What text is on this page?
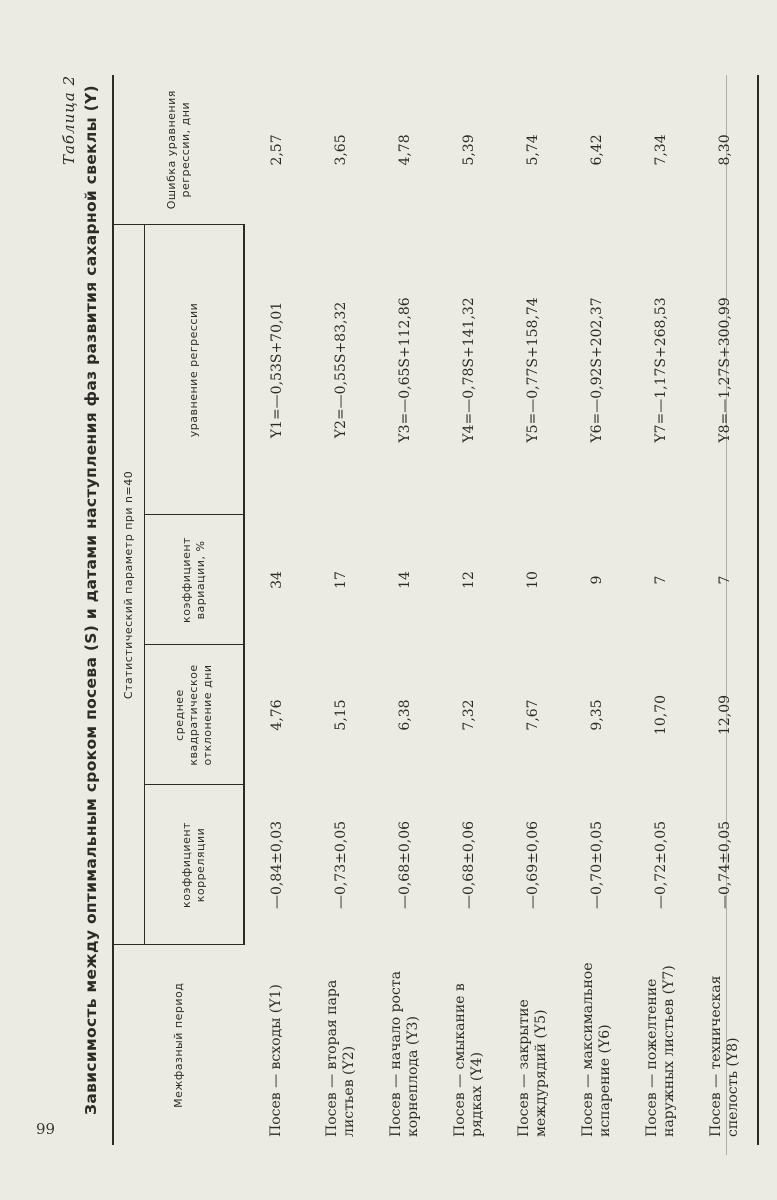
Таблица 2 Зависимость между оптимальным сроком посева (S) и датами наступления фаз развития сахарной свеклы (Y)	Межфазный период	Статистический параметр при n=40				Ошибка уравнения регрессии, дни
	коэффициент корреляции	среднее квадратическое отклонение дни	коэффициент вариации, %	уравнение регрессии	
Посев — всходы (Y1)	—0,84±0,03	4,76	34	Y1=—0,53S+70,01	2,57
Посев — вторая пара листьев (Y2)	—0,73±0,05	5,15	17	Y2=—0,55S+83,32	3,65
Посев — начало роста корнеплода (Y3)	—0,68±0,06	6,38	14	Y3=—0,65S+112,86	4,78
Посев — смыкание в рядках (Y4)	—0,68±0,06	7,32	12	Y4=—0,78S+141,32	5,39
Посев — закрытие междурядий (Y5)	—0,69±0,06	7,67	10	Y5=—0,77S+158,74	5,74
Посев — максимальное испарение (Y6)	—0,70±0,05	9,35	9	Y6=—0,92S+202,37	6,42
Посев — пожелтение наружных листьев (Y7)	—0,72±0,05	10,70	7	Y7=—1,17S+268,53	7,34
Посев — техническая спелость (Y8)	—0,74±0,05	12,09	7	Y8=—1,27S+300,99	8,30
99
